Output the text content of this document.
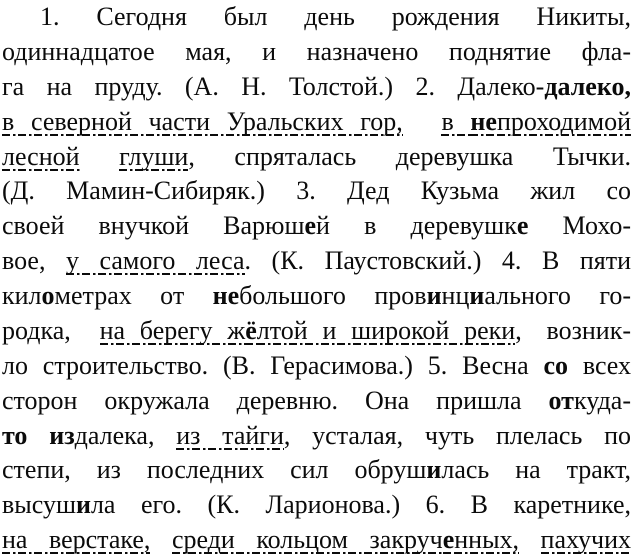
1. Сегодня был день рождения Никиты,
одиннадцатое мая, и назначено поднятие фла-
га на пруду. (А. Н. Толстой.) 2. Далеко-далеко,
в северной части Уральских гор, в непроходимой
лесной глуши, спряталась деревушка Тычки.
(Д. Мамин-Сибиряк.) 3. Дед Кузьма жил со
своей внучкой Варюшей в деревушке Мохо-
вое, у самого леса. (К. Паустовский.) 4. В пяти
километрах от небольшого провинциального го-
родка, на берегу жёлтой и широкой реки, возник-
ло строительство. (В. Герасимова.) 5. Весна со всех
сторон окружала деревню. Она пришла откуда-
то издалека, из тайги, усталая, чуть плелась по
степи, из последних сил обрушилась на тракт,
высушила его. (К. Ларионова.) 6. В каретнике,
на верстаке, среди кольцом закрученных, пахучих
